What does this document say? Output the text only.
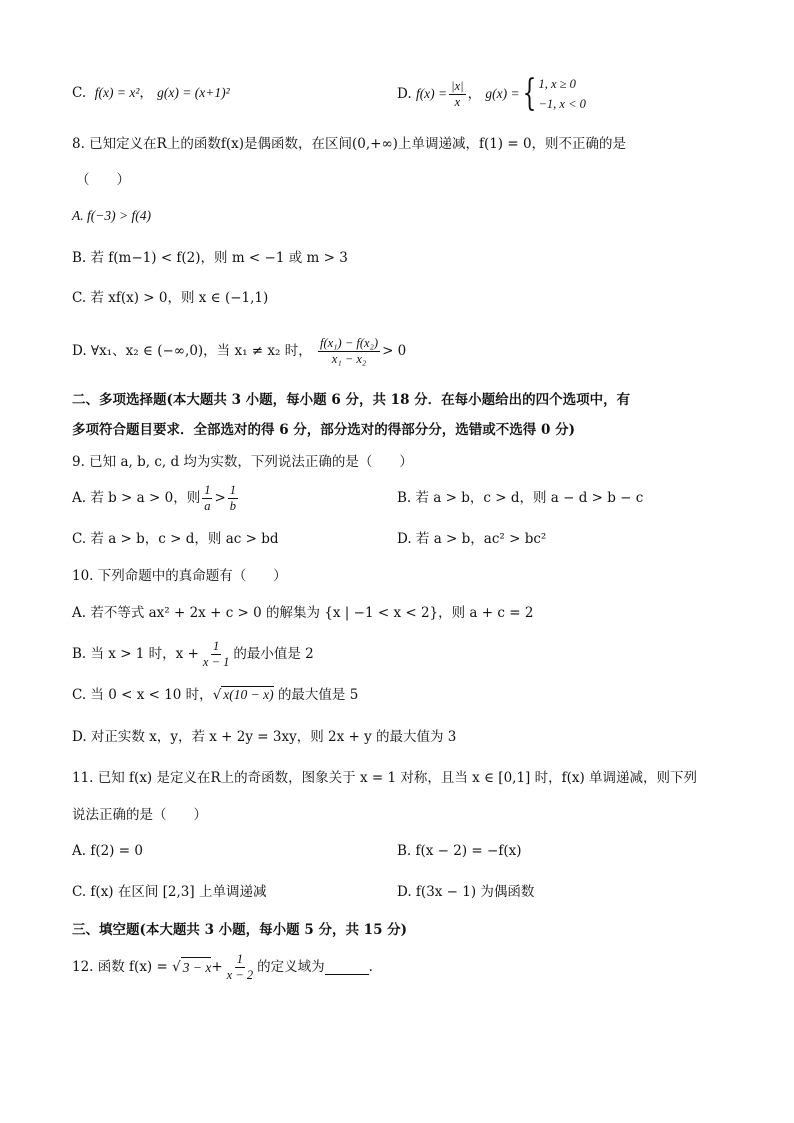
C. f(x) = x²， g(x) = (x+1)²	D.
$f(x) = \frac{|x|}{x}$ ， g(x) = { 1, x ≥ 0
−1, x < 0
8. 已知定义在R上的函数f(x)是偶函数，在区间(0,+∞)上单调递减，f(1) = 0，则不正确的是
（　　）
A. f(−3) > f(4)
B. 若 f(m−1) < f(2)，则 m < −1 或 m > 3
C. 若 xf(x) > 0，则 x ∈ (−1,1)
D. ∀x₁、x₂ ∈ (−∞,0)，当 x₁ ≠ x₂ 时，
$\frac{\text{f(x₁) − f(x₂)}}{\text{x₁ − x₂}} > 0$
二、多项选择题(本大题共 3 小题，每小题 6 分，共 18 分．在每小题给出的四个选项中，有
多项符合题目要求．全部选对的得 6 分，部分选对的得部分分，选错或不选得 0 分)
9. 已知 a, b, c, d 均为实数，下列说法正确的是（　　）
A. 若 b > a > 0，则 $\frac{1}{a} > \frac{1}{b}$	B. 若 a > b，c > d，则 a − d > b − c
C. 若 a > b，c > d，则 ac > bd	D. 若 a > b，ac² > bc²
10. 下列命题中的真命题有（　　）
A. 若不等式 ax² + 2x + c > 0 的解集为 {x | −1 < x < 2}，则 a + c = 2
B. 当 x > 1 时，$x + \frac{1}{x - 1}$ 的最小值是 2
C. 当 0 < x < 10 时，√ x(10 − x) 的最大值是 5
D. 对正实数 x，y，若 x + 2y = 3xy，则 2x + y 的最大值为 3
11. 已知 f(x) 是定义在R上的奇函数，图象关于 x = 1 对称，且当 x ∈ [0,1] 时，f(x) 单调递减，则下列
说法正确的是（　　）
A. f(2) = 0	B. f(x − 2) = −f(x)
C. f(x) 在区间 [2,3] 上单调递减	D. f(3x − 1) 为偶函数
三、填空题(本大题共 3 小题，每小题 5 分，共 15 分)
12. 函数 f(x) =
√ $3 - x + \frac{1}{x - 2}$ 的定义域为	.
